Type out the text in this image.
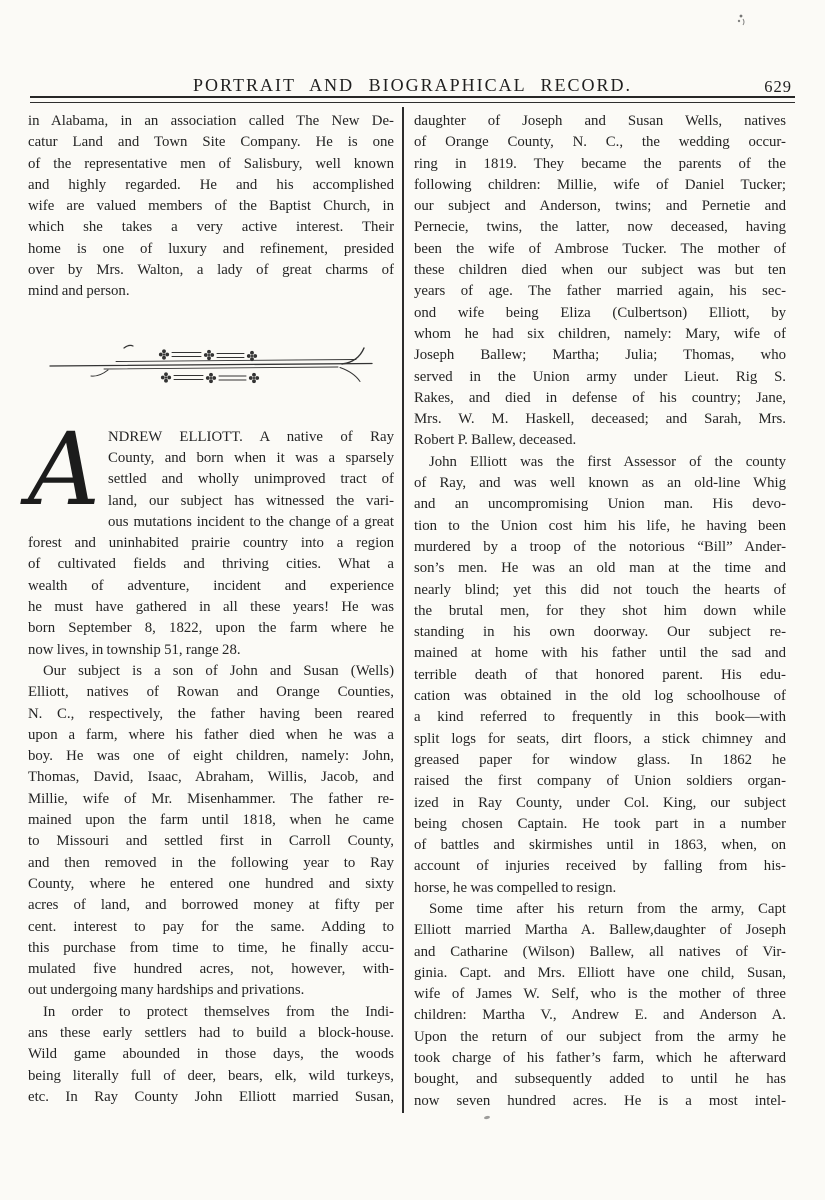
PORTRAIT AND BIOGRAPHICAL RECORD.	629
in Alabama, in an association called The New De-
catur Land and Town Site Company. He is one
of the representative men of Salisbury, well known
and highly regarded. He and his accomplished
wife are valued members of the Baptist Church, in
which she takes a very active interest. Their
home is one of luxury and refinement, presided
over by Mrs. Walton, a lady of great charms of
mind and person.
A NDREW ELLIOTT. A native of Ray
County, and born when it was a sparsely
settled and wholly unimproved tract of
land, our subject has witnessed the vari-
ous mutations incident to the change of a great
forest and uninhabited prairie country into a region
of cultivated fields and thriving cities. What a
wealth of adventure, incident and experience
he must have gathered in all these years! He was
born September 8, 1822, upon the farm where he
now lives, in township 51, range 28.
Our subject is a son of John and Susan (Wells)
Elliott, natives of Rowan and Orange Counties,
N. C., respectively, the father having been reared
upon a farm, where his father died when he was a
boy. He was one of eight children, namely: John,
Thomas, David, Isaac, Abraham, Willis, Jacob, and
Millie, wife of Mr. Misenhammer. The father re-
mained upon the farm until 1818, when he came
to Missouri and settled first in Carroll County,
and then removed in the following year to Ray
County, where he entered one hundred and sixty
acres of land, and borrowed money at fifty per
cent. interest to pay for the same. Adding to
this purchase from time to time, he finally accu-
mulated five hundred acres, not, however, with-
out undergoing many hardships and privations.
In order to protect themselves from the Indi-
ans these early settlers had to build a block-house.
Wild game abounded in those days, the woods
being literally full of deer, bears, elk, wild turkeys,
etc. In Ray County John Elliott married Susan,
daughter of Joseph and Susan Wells, natives
of Orange County, N. C., the wedding occur-
ring in 1819. They became the parents of the
following children: Millie, wife of Daniel Tucker;
our subject and Anderson, twins; and Pernetie and
Pernecie, twins, the latter, now deceased, having
been the wife of Ambrose Tucker. The mother of
these children died when our subject was but ten
years of age. The father married again, his sec-
ond wife being Eliza (Culbertson) Elliott, by
whom he had six children, namely: Mary, wife of
Joseph Ballew; Martha; Julia; Thomas, who
served in the Union army under Lieut. Rig S.
Rakes, and died in defense of his country; Jane,
Mrs. W. M. Haskell, deceased; and Sarah, Mrs.
Robert P. Ballew, deceased.
John Elliott was the first Assessor of the county
of Ray, and was well known as an old-line Whig
and an uncompromising Union man. His devo-
tion to the Union cost him his life, he having been
murdered by a troop of the notorious “Bill” Ander-
son’s men. He was an old man at the time and
nearly blind; yet this did not touch the hearts of
the brutal men, for they shot him down while
standing in his own doorway. Our subject re-
mained at home with his father until the sad and
terrible death of that honored parent. His edu-
cation was obtained in the old log schoolhouse of
a kind referred to frequently in this book—with
split logs for seats, dirt floors, a stick chimney and
greased paper for window glass. In 1862 he
raised the first company of Union soldiers organ-
ized in Ray County, under Col. King, our subject
being chosen Captain. He took part in a number
of battles and skirmishes until in 1863, when, on
account of injuries received by falling from his-
horse, he was compelled to resign.
Some time after his return from the army, Capt
Elliott married Martha A. Ballew,daughter of Joseph
and Catharine (Wilson) Ballew, all natives of Vir-
ginia. Capt. and Mrs. Elliott have one child, Susan,
wife of James W. Self, who is the mother of three
children: Martha V., Andrew E. and Anderson A.
Upon the return of our subject from the army he
took charge of his father’s farm, which he afterward
bought, and subsequently added to until he has
now seven hundred acres. He is a most intel-
